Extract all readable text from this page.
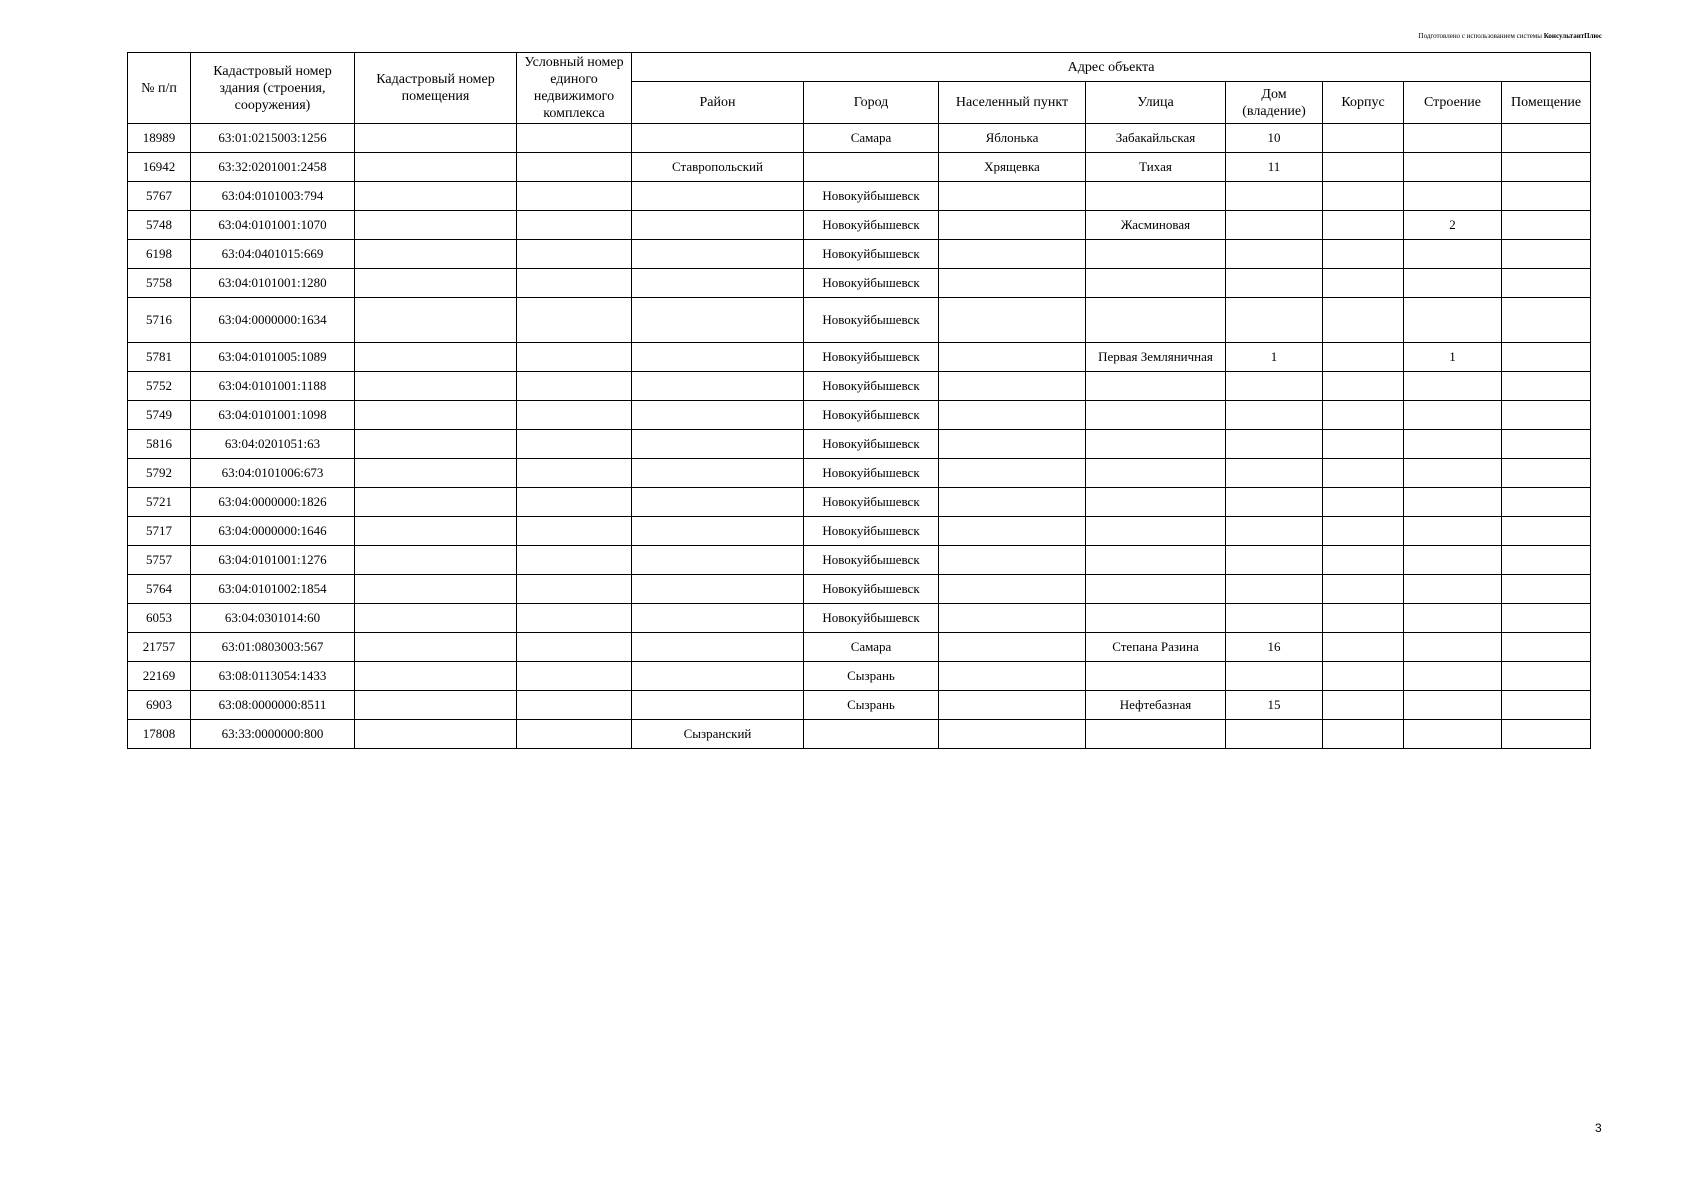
Подготовлено с использованием системы КонсультантПлюс
№ п/п	Кадастровый номер здания (строения, сооружения)	Кадастровый номер помещения	Условный номер единого недвижимого комплекса	Адрес объекта							
				Район	Город	Населенный пункт	Улица	Дом (владение)	Корпус	Строение	Помещение
18989	63:01:0215003:1256				Самара	Яблонька	Забакайльская	10			
16942	63:32:0201001:2458			Ставропольский		Хрящевка	Тихая	11			
5767	63:04:0101003:794				Новокуйбышевск						
5748	63:04:0101001:1070				Новокуйбышевск		Жасминовая			2	
6198	63:04:0401015:669				Новокуйбышевск						
5758	63:04:0101001:1280				Новокуйбышевск						
5716	63:04:0000000:1634				Новокуйбышевск						
5781	63:04:0101005:1089				Новокуйбышевск		Первая Земляничная	1		1	
5752	63:04:0101001:1188				Новокуйбышевск						
5749	63:04:0101001:1098				Новокуйбышевск						
5816	63:04:0201051:63				Новокуйбышевск						
5792	63:04:0101006:673				Новокуйбышевск						
5721	63:04:0000000:1826				Новокуйбышевск						
5717	63:04:0000000:1646				Новокуйбышевск						
5757	63:04:0101001:1276				Новокуйбышевск						
5764	63:04:0101002:1854				Новокуйбышевск						
6053	63:04:0301014:60				Новокуйбышевск						
21757	63:01:0803003:567				Самара		Степана Разина	16			
22169	63:08:0113054:1433				Сызрань						
6903	63:08:0000000:8511				Сызрань		Нефтебазная	15			
17808	63:33:0000000:800			Сызранский							
3
